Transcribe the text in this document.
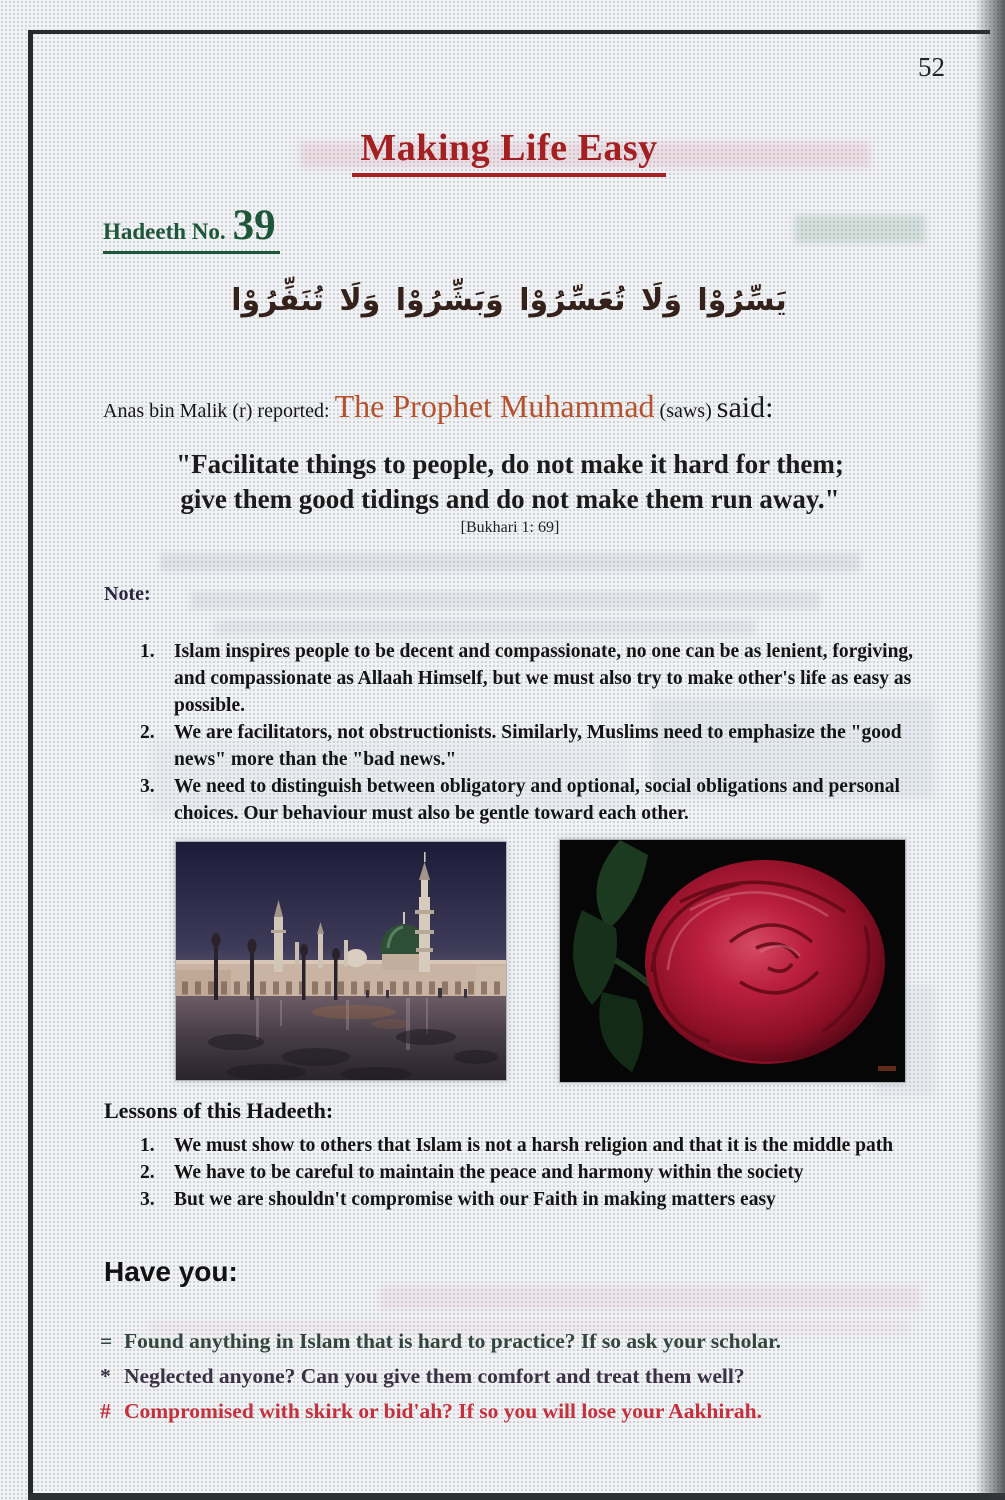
52
Making Life Easy
Hadeeth No. 39
يَسِّرُوْا وَلَا تُعَسِّرُوْا وَبَشِّرُوْا وَلَا تُنَفِّرُوْا
Anas bin Malik (r) reported: The Prophet Muhammad (saws) said:
"Facilitate things to people, do not make it hard for them;
give them good tidings and do not make them run away."
[Bukhari 1: 69]
Note:
1. Islam inspires people to be decent and compassionate, no one can be as lenient, forgiving, and compassionate as Allaah Himself, but we must also try to make other's life as easy as possible.
2. We are facilitators, not obstructionists. Similarly, Muslims need to emphasize the "good news" more than the "bad news."
3. We need to distinguish between obligatory and optional, social obligations and personal choices. Our behaviour must also be gentle toward each other.
Lessons of this Hadeeth:
1. We must show to others that Islam is not a harsh religion and that it is the middle path
2. We have to be careful to maintain the peace and harmony within the society
3. But we are shouldn't compromise with our Faith in making matters easy
Have you:
= Found anything in Islam that is hard to practice? If so ask your scholar.
* Neglected anyone? Can you give them comfort and treat them well?
# Compromised with skirk or bid'ah? If so you will lose your Aakhirah.
